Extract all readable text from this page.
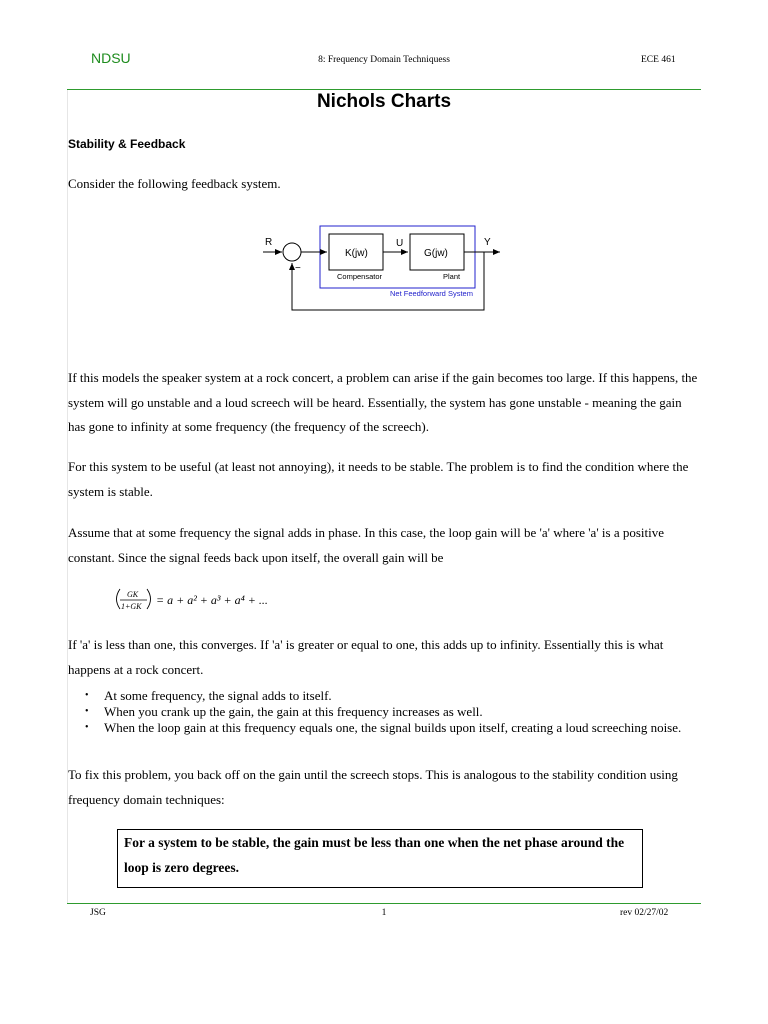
NDSU	8: Frequency Domain Techniquess	ECE 461
Nichols Charts
Stability & Feedback
Consider the following feedback system.
R
−
Net Feedforward System
K(jw)
Compensator
U
G(jw)
Plant
Y
If this models the speaker system at a rock concert, a problem can arise if the gain becomes too large. If this happens, the system will go unstable and a loud screech will be heard. Essentially, the system has gone unstable - meaning the gain has gone to infinity at some frequency (the frequency of the screech).
For this system to be useful (at least not annoying), it needs to be stable. The problem is to find the condition where the system is stable.
Assume that at some frequency the signal adds in phase. In this case, the loop gain will be 'a' where 'a' is a positive constant. Since the signal feeds back upon itself, the overall gain will be
GK
1+GK = a + a² + a³ + a⁴ + ...
If 'a' is less than one, this converges. If 'a' is greater or equal to one, this adds up to infinity. Essentially this is what happens at a rock concert.
• At some frequency, the signal adds to itself.
• When you crank up the gain, the gain at this frequency increases as well.
• When the loop gain at this frequency equals one, the signal builds upon itself, creating a loud screeching noise.
To fix this problem, you back off on the gain until the screech stops. This is analogous to the stability condition using frequency domain techniques:
For a system to be stable, the gain must be less than one when the net phase around the loop is zero degrees.
JSG	1	rev 02/27/02
